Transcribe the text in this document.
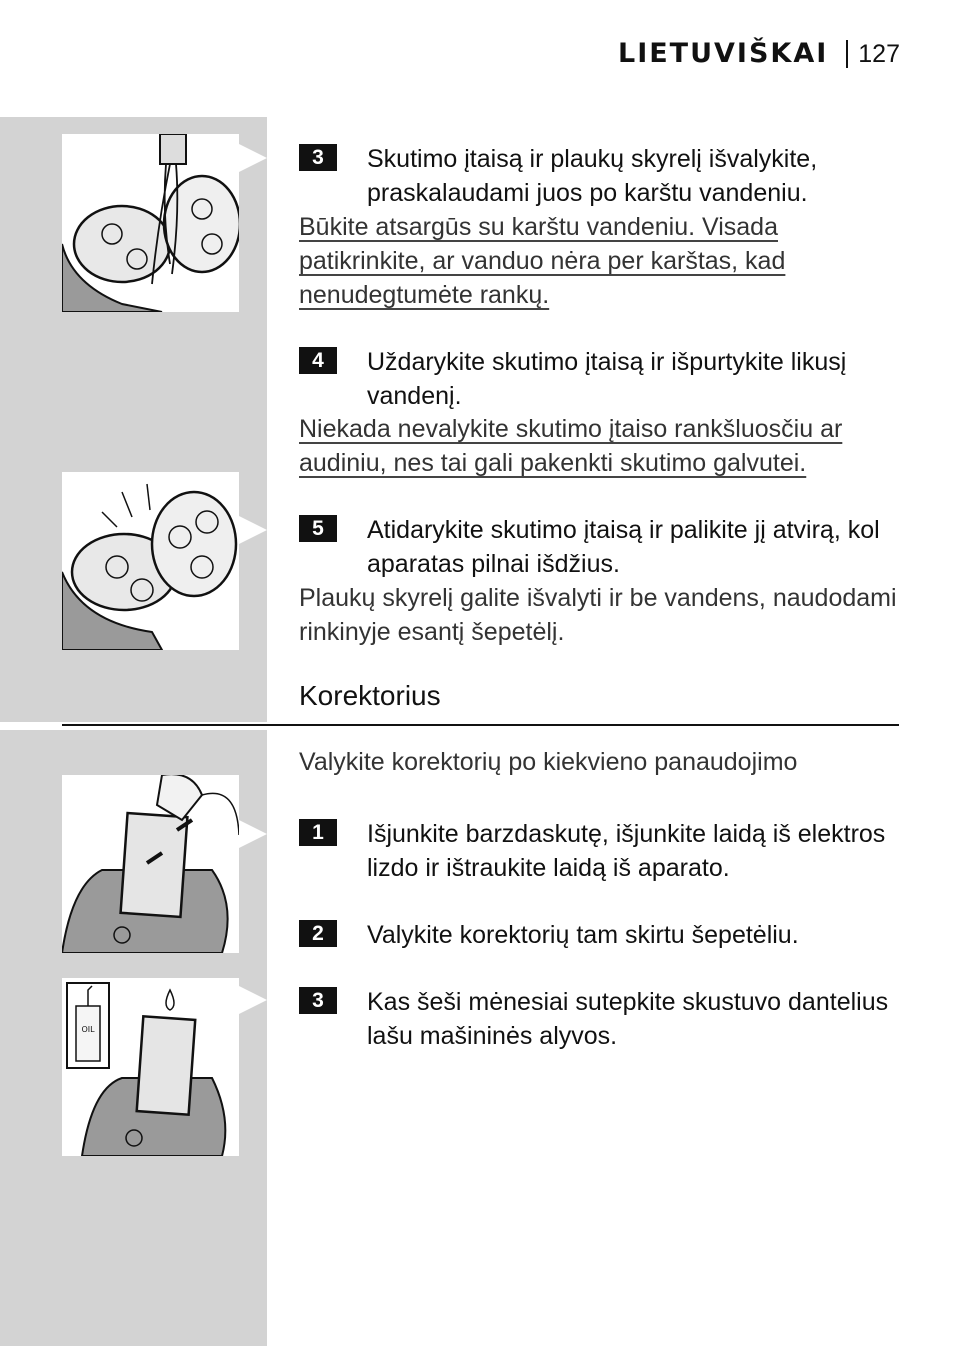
LIETUVIŠKAI 127
OIL
3	Skutimo įtaisą ir plaukų skyrelį išvalykite, praskalaudami juos po karštu vandeniu.
Būkite atsargūs su karštu vandeniu. Visada patikrinkite, ar vanduo nėra per karštas, kad nenudegtumėte rankų.
4	Uždarykite skutimo įtaisą ir išpurtykite likusį vandenį.
Niekada nevalykite skutimo įtaiso rankšluosčiu ar audiniu, nes tai gali pakenkti skutimo galvutei.
5	Atidarykite skutimo įtaisą ir palikite jį atvirą, kol aparatas pilnai išdžius.
Plaukų skyrelį galite išvalyti ir be vandens, naudodami rinkinyje esantį šepetėlį.
Korektorius
Valykite korektorių po kiekvieno panaudojimo
1	Išjunkite barzdaskutę, išjunkite laidą iš elektros lizdo ir ištraukite laidą iš aparato.
2	Valykite korektorių tam skirtu šepetėliu.
3	Kas šeši mėnesiai sutepkite skustuvo dantelius lašu mašininės alyvos.
